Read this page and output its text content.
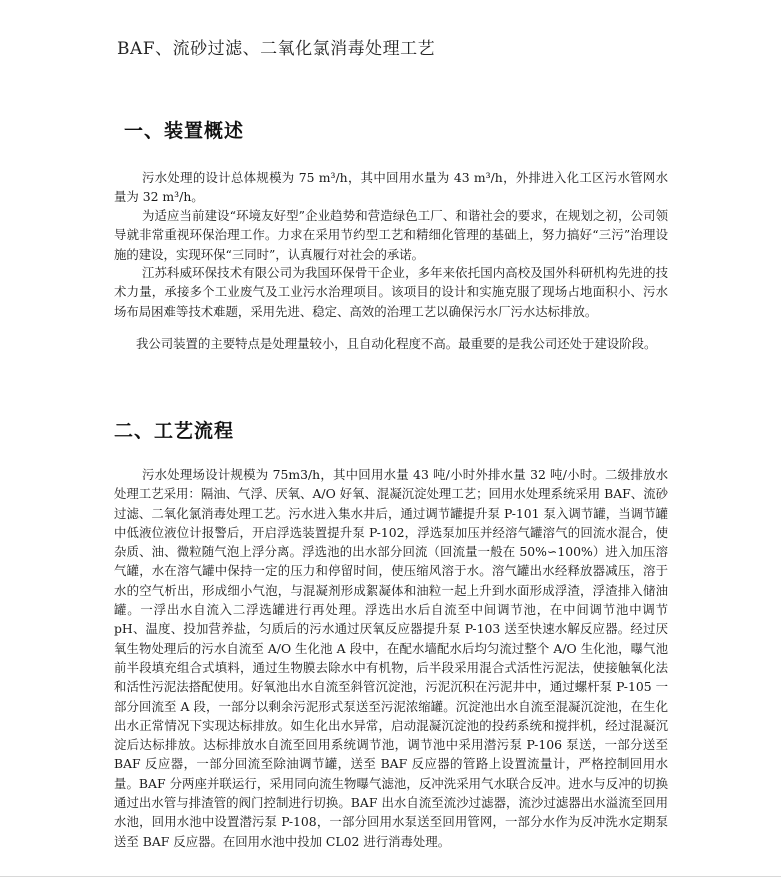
BAF、流砂过滤、二氧化氯消毒处理工艺
一、装置概述

污水处理的设计总体规模为 75 m³/h，其中回用水量为 43 m³/h，外排进入化工区污水管网水量为 32 m³/h。

为适应当前建设“环境友好型”企业趋势和营造绿色工厂、和谐社会的要求，在规划之初，公司领导就非常重视环保治理工作。力求在采用节约型工艺和精细化管理的基础上，努力搞好“三污”治理设施的建设，实现环保“三同时”，认真履行对社会的承诺。

江苏科威环保技术有限公司为我国环保骨干企业，多年来依托国内高校及国外科研机构先进的技术力量，承接多个工业废气及工业污水治理项目。该项目的设计和实施克服了现场占地面积小、污水场布局困难等技术难题，采用先进、稳定、高效的治理工艺以确保污水厂污水达标排放。

我公司装置的主要特点是处理量较小，且自动化程度不高。最重要的是我公司还处于建设阶段。

二、工艺流程

污水处理场设计规模为 75m3/h，其中回用水量 43 吨/小时外排水量 32 吨/小时。二级排放水处理工艺采用：隔油、气浮、厌氧、A/O 好氧、混凝沉淀处理工艺；回用水处理系统采用 BAF、流砂过滤、二氧化氯消毒处理工艺。污水进入集水井后，通过调节罐提升泵 P-101 泵入调节罐，当调节罐中低液位液位计报警后，开启浮选装置提升泵 P-102，浮选泵加压并经溶气罐溶气的回流水混合，使杂质、油、微粒随气泡上浮分离。浮选池的出水部分回流（回流量一般在 50%∽100%）进入加压溶气罐，水在溶气罐中保持一定的压力和停留时间，使压缩风溶于水。溶气罐出水经释放器减压，溶于水的空气析出，形成细小气泡，与混凝剂形成絮凝体和油粒一起上升到水面形成浮渣，浮渣排入储油罐。一浮出水自流入二浮选罐进行再处理。浮选出水后自流至中间调节池，在中间调节池中调节 pH、温度、投加营养盐，匀质后的污水通过厌氧反应器提升泵 P-103 送至快速水解反应器。经过厌氧生物处理后的污水自流至 A/O 生化池 A 段中，在配水墙配水后均匀流过整个 A/O 生化池，曝气池前半段填充组合式填料，通过生物膜去除水中有机物，后半段采用混合式活性污泥法，使接触氧化法和活性污泥法搭配使用。好氧池出水自流至斜管沉淀池，污泥沉积在污泥井中，通过螺杆泵 P-105 一部分回流至 A 段，一部分以剩余污泥形式泵送至污泥浓缩罐。沉淀池出水自流至混凝沉淀池，在生化出水正常情况下实现达标排放。如生化出水异常，启动混凝沉淀池的投药系统和搅拌机，经过混凝沉淀后达标排放。达标排放水自流至回用系统调节池，调节池中采用潜污泵 P-106 泵送，一部分送至 BAF 反应器，一部分回流至除油调节罐，送至 BAF 反应器的管路上设置流量计，严格控制回用水量。BAF 分两座并联运行，采用同向流生物曝气滤池，反冲洗采用气水联合反冲。进水与反冲的切换通过出水管与排渣管的阀门控制进行切换。BAF 出水自流至流沙过滤器，流沙过滤器出水溢流至回用水池，回用水池中设置潜污泵 P-108，一部分回用水泵送至回用管网，一部分水作为反冲洗水定期泵送至 BAF 反应器。在回用水池中投加 CL02 进行消毒处理。
